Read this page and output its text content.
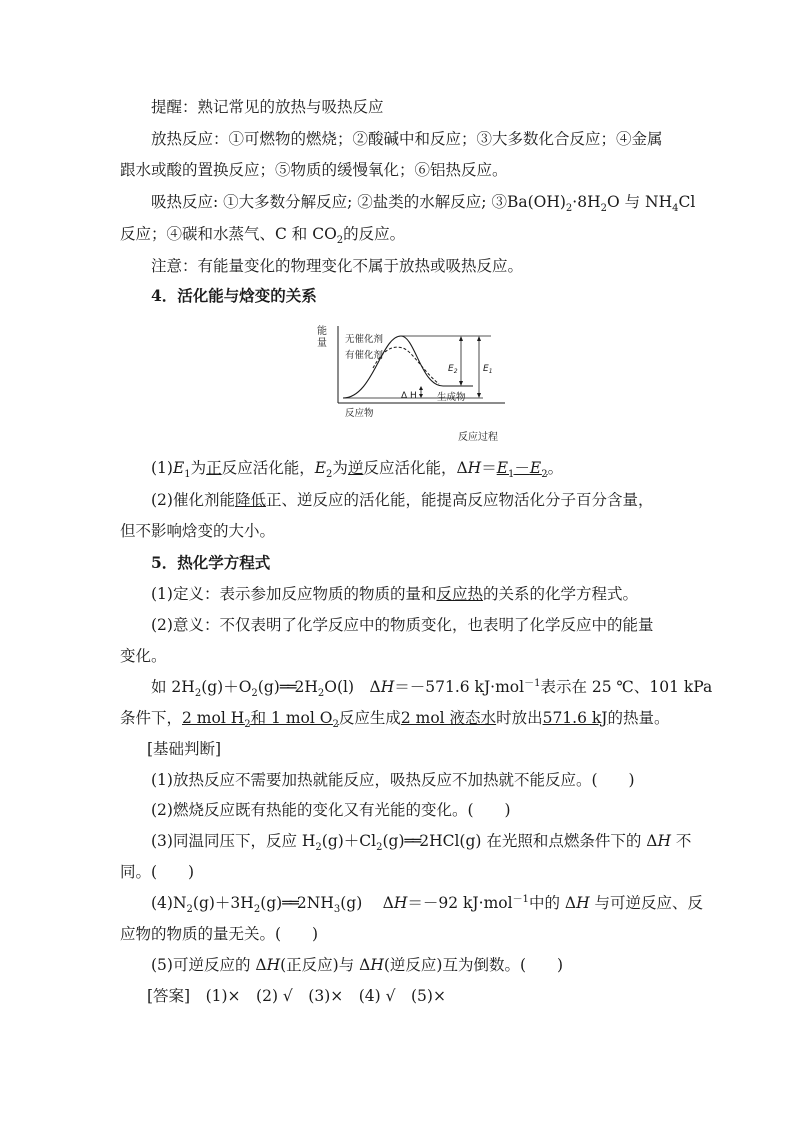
提醒：熟记常见的放热与吸热反应
放热反应：①可燃物的燃烧；②酸碱中和反应；③大多数化合反应；④金属
跟水或酸的置换反应；⑤物质的缓慢氧化；⑥铝热反应。
吸热反应: ①大多数分解反应; ②盐类的水解反应; $③Ba(OH)_2\cdot 8H_2O$ 与 $NH_4Cl$
反应；④碳和水蒸气、C 和 $CO_2$的反应。
注意：有能量变化的物理变化不属于放热或吸热反应。
4．活化能与焓变的关系
能
量
反应过程
无催化剂
有催化剂
$E_2$	$E_1$
Δ H 生成物
反应物
$(1)E_1$为正反应活化能，$E_2$为逆反应活化能，$\Delta H=E_1-E_2$。
(2)催化剂能降低正、逆反应的活化能，能提高反应物活化分子百分含量，
但不影响焓变的大小。
5．热化学方程式
(1)定义：表示参加反应物质的物质的量和反应热的关系的化学方程式。
(2)意义：不仅表明了化学反应中的物质变化，也表明了化学反应中的能量
变化。
如 $2H_2(g)+O_2(g)══2H_2O(l)$　ΔH＝－571.6 kJ·mol$^{-1}$表示在 25 ℃、101 kPa
条件下，2 mol $H_2$和 1 mol $O_2$反应生成2 mol 液态水时放出571.6 kJ的热量。
[基础判断]
(1)放热反应不需要加热就能反应，吸热反应不加热就不能反应。(　　)
(2)燃烧反应既有热能的变化又有光能的变化。(　　)
(3)同温同压下，反应 $H_2(g)+Cl_2(g)══2HCl(g)$ 在光照和点燃条件下的 ΔH 不
同。(　　)
$(4)N_2(g)+3H_2(g)══2NH_3(g)$　 ΔH＝－92 kJ·mol$^{-1}$中的 ΔH 与可逆反应、反
应物的物质的量无关。(　　)
(5)可逆反应的 ΔH(正反应)与 ΔH(逆反应)互为倒数。(　　)
[答案]　(1)×　(2) √　(3)×　(4) √　(5)×
